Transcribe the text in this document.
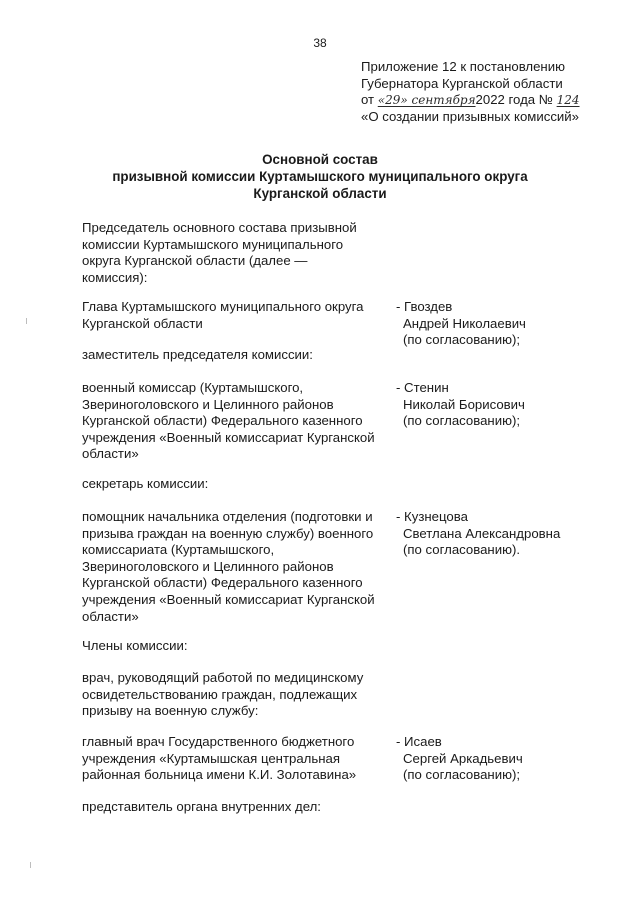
38
Приложение 12 к постановлению
Губернатора Курганской области
от «29» сентября2022 года № 124
«О создании призывных комиссий»
Основной состав
призывной комиссии Куртамышского муниципального округа
Курганской области
Председатель основного состава призывной
комиссии Куртамышского муниципального
округа Курганской области (далее —
комиссия):
Глава Куртамышского муниципального округа
Курганской области
- Гвоздев
Андрей Николаевич
(по согласованию);
заместитель председателя комиссии:
военный комиссар (Куртамышского,
Звериноголовского и Целинного районов
Курганской области) Федерального казенного
учреждения «Военный комиссариат Курганской
области»
- Стенин
Николай Борисович
(по согласованию);
секретарь комиссии:
помощник начальника отделения (подготовки и
призыва граждан на военную службу) военного
комиссариата (Куртамышского,
Звериноголовского и Целинного районов
Курганской области) Федерального казенного
учреждения «Военный комиссариат Курганской
области»
- Кузнецова
Светлана Александровна
(по согласованию).
Члены комиссии:
врач, руководящий работой по медицинскому
освидетельствованию граждан, подлежащих
призыву на военную службу:
главный врач Государственного бюджетного
учреждения «Куртамышская центральная
районная больница имени К.И. Золотавина»
- Исаев
Сергей Аркадьевич
(по согласованию);
представитель органа внутренних дел:
